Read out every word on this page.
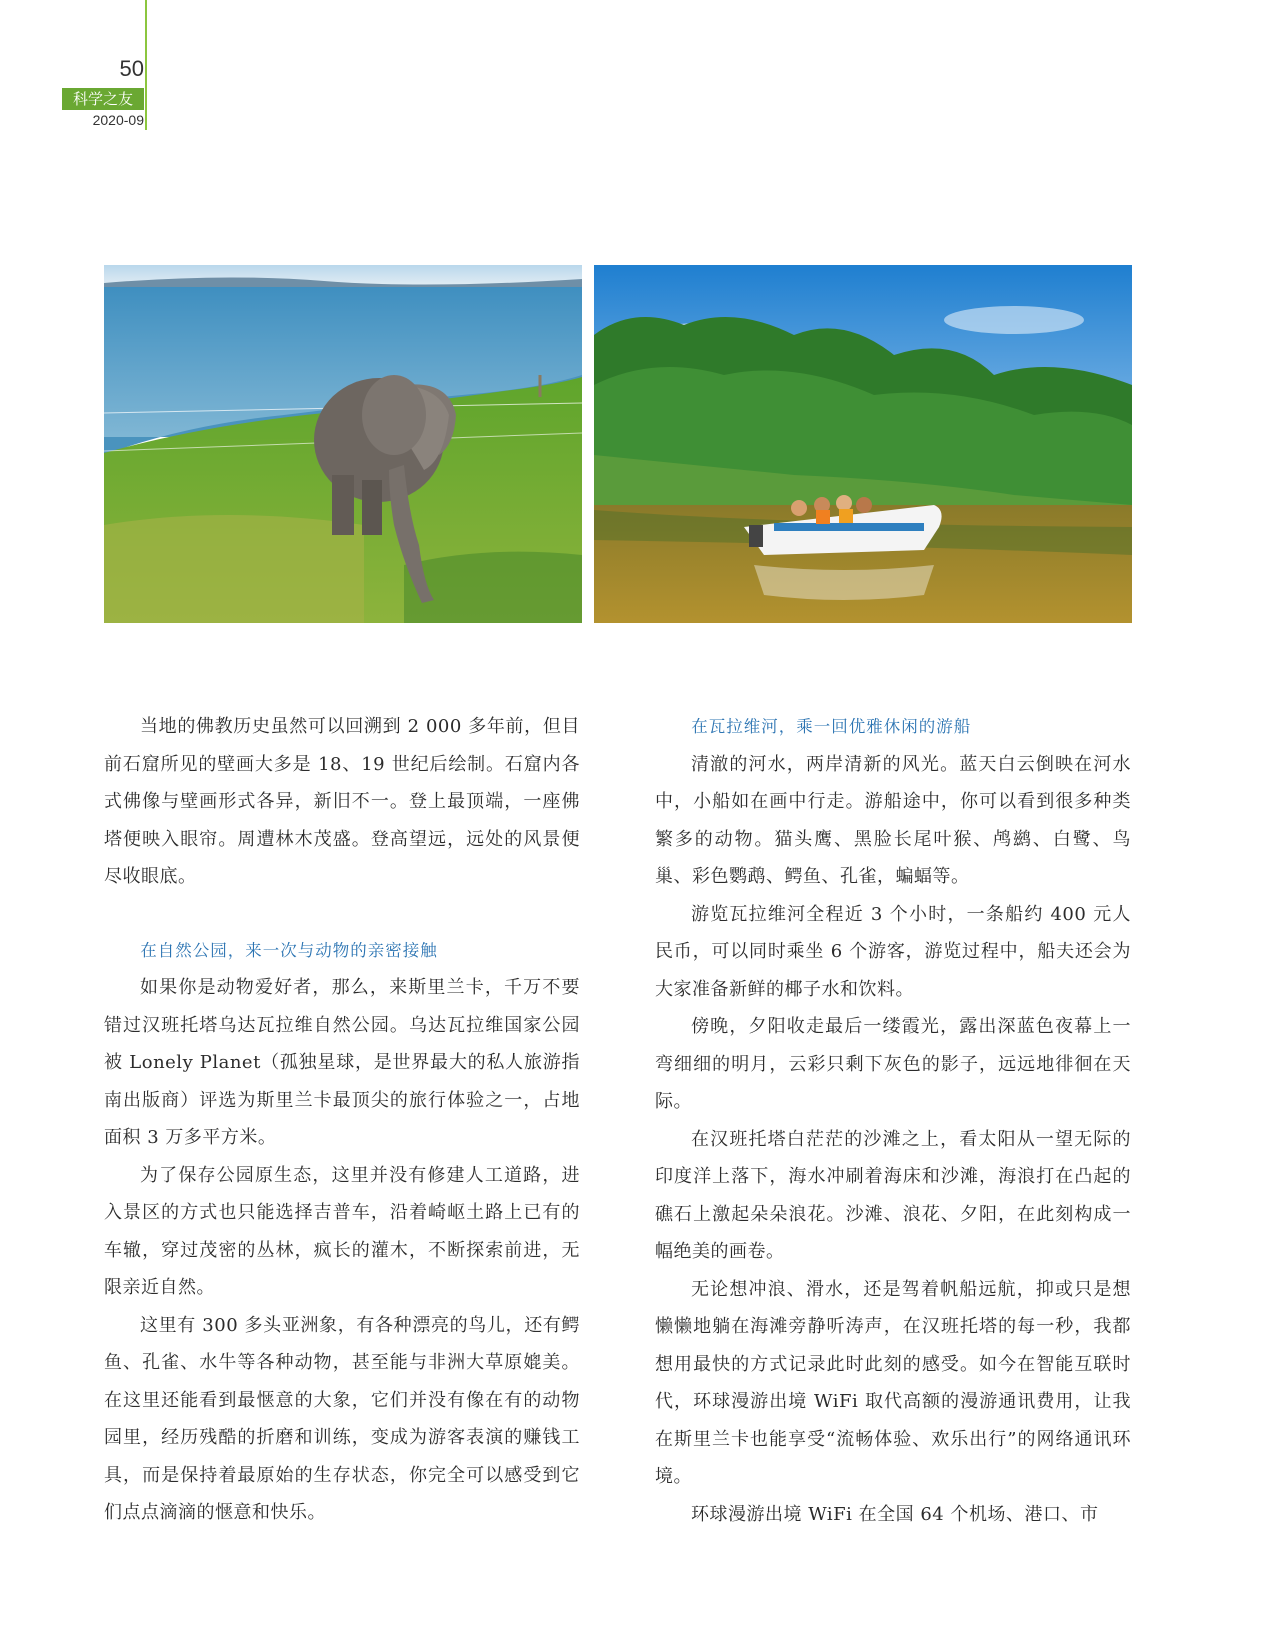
50
科学之友
2020-09

当地的佛教历史虽然可以回溯到 2 000 多年前，但目前石窟所见的壁画大多是 18、19 世纪后绘制。石窟内各式佛像与壁画形式各异，新旧不一。登上最顶端，一座佛塔便映入眼帘。周遭林木茂盛。登高望远，远处的风景便尽收眼底。

在自然公园，来一次与动物的亲密接触

如果你是动物爱好者，那么，来斯里兰卡，千万不要错过汉班托塔乌达瓦拉维自然公园。乌达瓦拉维国家公园被 Lonely Planet（孤独星球，是世界最大的私人旅游指南出版商）评选为斯里兰卡最顶尖的旅行体验之一，占地面积 3 万多平方米。

为了保存公园原生态，这里并没有修建人工道路，进入景区的方式也只能选择吉普车，沿着崎岖土路上已有的车辙，穿过茂密的丛林，疯长的灌木，不断探索前进，无限亲近自然。

这里有 300 多头亚洲象，有各种漂亮的鸟儿，还有鳄鱼、孔雀、水牛等各种动物，甚至能与非洲大草原媲美。在这里还能看到最惬意的大象，它们并没有像在有的动物园里，经历残酷的折磨和训练，变成为游客表演的赚钱工具，而是保持着最原始的生存状态，你完全可以感受到它们点点滴滴的惬意和快乐。

在瓦拉维河，乘一回优雅休闲的游船

清澈的河水，两岸清新的风光。蓝天白云倒映在河水中，小船如在画中行走。游船途中，你可以看到很多种类繁多的动物。猫头鹰、黑脸长尾叶猴、鸬鹚、白鹭、鸟巢、彩色鹦鹉、鳄鱼、孔雀，蝙蝠等。

游览瓦拉维河全程近 3 个小时，一条船约 400 元人民币，可以同时乘坐 6 个游客，游览过程中，船夫还会为大家准备新鲜的椰子水和饮料。

傍晚，夕阳收走最后一缕霞光，露出深蓝色夜幕上一弯细细的明月，云彩只剩下灰色的影子，远远地徘徊在天际。

在汉班托塔白茫茫的沙滩之上，看太阳从一望无际的印度洋上落下，海水冲刷着海床和沙滩，海浪打在凸起的礁石上激起朵朵浪花。沙滩、浪花、夕阳，在此刻构成一幅绝美的画卷。

无论想冲浪、滑水，还是驾着帆船远航，抑或只是想懒懒地躺在海滩旁静听涛声，在汉班托塔的每一秒，我都想用最快的方式记录此时此刻的感受。如今在智能互联时代，环球漫游出境 WiFi 取代高额的漫游通讯费用，让我在斯里兰卡也能享受“流畅体验、欢乐出行”的网络通讯环境。

环球漫游出境 WiFi 在全国 64 个机场、港口、市
